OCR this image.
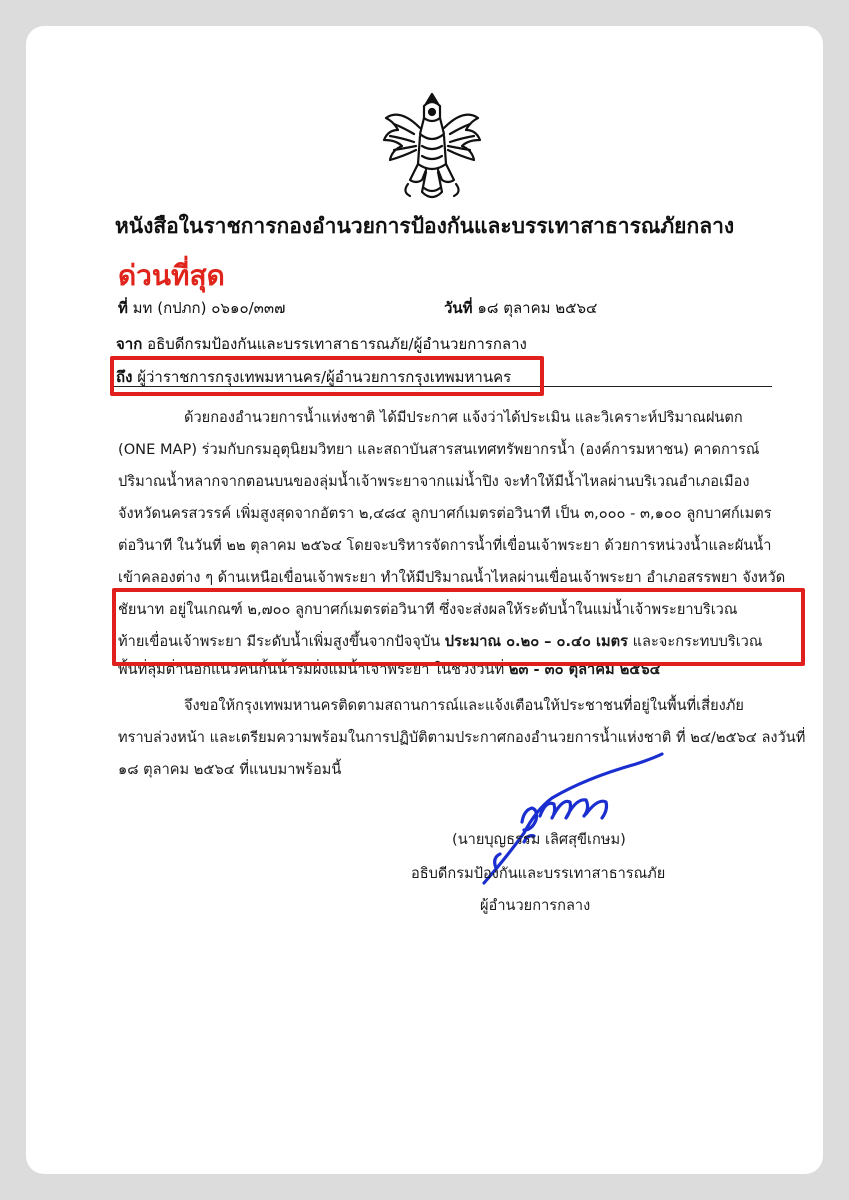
หนังสือในราชการกองอำนวยการป้องกันและบรรเทาสาธารณภัยกลาง
ด่วนที่สุด
ที่ มท (กปภก) ๐๖๑๐/๓๓๗	วันที่ ๑๘ ตุลาคม ๒๕๖๔
จาก อธิบดีกรมป้องกันและบรรเทาสาธารณภัย/ผู้อำนวยการกลาง
ถึง ผู้ว่าราชการกรุงเทพมหานคร/ผู้อำนวยการกรุงเทพมหานคร
ด้วยกองอำนวยการน้ำแห่งชาติ ได้มีประกาศ แจ้งว่าได้ประเมิน และวิเคราะห์ปริมาณฝนตก
(ONE MAP) ร่วมกับกรมอุตุนิยมวิทยา และสถาบันสารสนเทศทรัพยากรน้ำ (องค์การมหาชน) คาดการณ์
ปริมาณน้ำหลากจากตอนบนของลุ่มน้ำเจ้าพระยาจากแม่น้ำปิง จะทำให้มีน้ำไหลผ่านบริเวณอำเภอเมือง
จังหวัดนครสวรรค์ เพิ่มสูงสุดจากอัตรา ๒,๔๘๔ ลูกบาศก์เมตรต่อวินาที เป็น ๓,๐๐๐ - ๓,๑๐๐ ลูกบาศก์เมตร
ต่อวินาที ในวันที่ ๒๒ ตุลาคม ๒๕๖๔ โดยจะบริหารจัดการน้ำที่เขื่อนเจ้าพระยา ด้วยการหน่วงน้ำและผันน้ำ
เข้าคลองต่าง ๆ ด้านเหนือเขื่อนเจ้าพระยา ทำให้มีปริมาณน้ำไหลผ่านเขื่อนเจ้าพระยา อำเภอสรรพยา จังหวัด
ชัยนาท อยู่ในเกณฑ์ ๒,๗๐๐ ลูกบาศก์เมตรต่อวินาที ซึ่งจะส่งผลให้ระดับน้ำในแม่น้ำเจ้าพระยาบริเวณ
ท้ายเขื่อนเจ้าพระยา มีระดับน้ำเพิ่มสูงขึ้นจากปัจจุบัน ประมาณ ๐.๒๐ – ๐.๔๐ เมตร และจะกระทบบริเวณ
พื้นที่ลุ่มต่ำนอกแนวคันกั้นน้ำริมฝั่งแม่น้ำเจ้าพระยา ในช่วงวันที่ ๒๓ - ๓๐ ตุลาคม ๒๕๖๔
จึงขอให้กรุงเทพมหานครติดตามสถานการณ์และแจ้งเตือนให้ประชาชนที่อยู่ในพื้นที่เสี่ยงภัย
ทราบล่วงหน้า และเตรียมความพร้อมในการปฏิบัติตามประกาศกองอำนวยการน้ำแห่งชาติ ที่ ๒๔/๒๕๖๔ ลงวันที่
๑๘ ตุลาคม ๒๕๖๔ ที่แนบมาพร้อมนี้
(นายบุญธรรม เลิศสุขีเกษม)
อธิบดีกรมป้องกันและบรรเทาสาธารณภัย
ผู้อำนวยการกลาง
